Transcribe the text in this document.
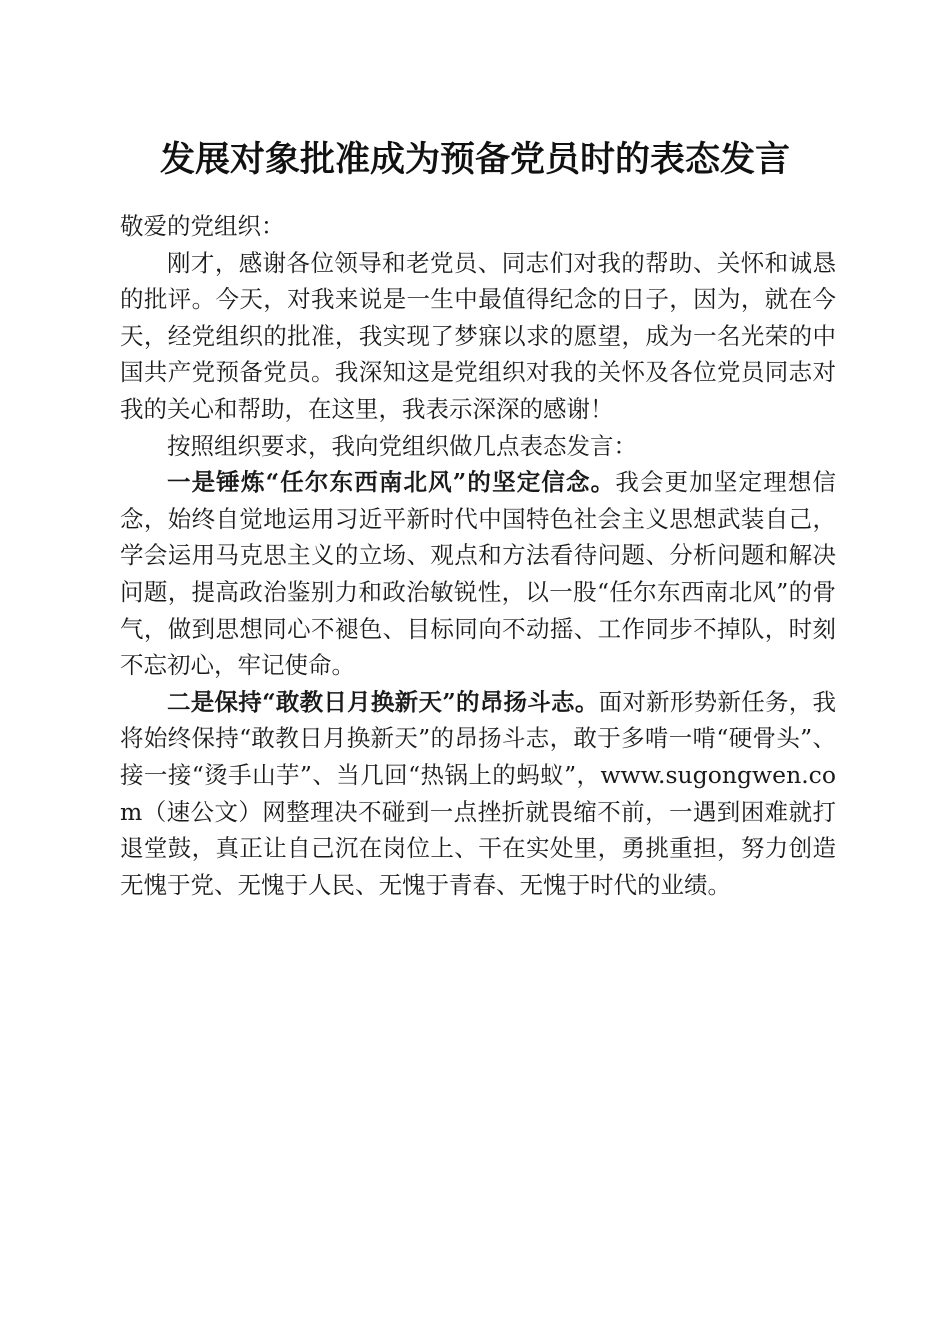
发展对象批准成为预备党员时的表态发言

敬爱的党组织：

刚才，感谢各位领导和老党员、同志们对我的帮助、关怀和诚恳的批评。今天，对我来说是一生中最值得纪念的日子，因为，就在今天，经党组织的批准，我实现了梦寐以求的愿望，成为一名光荣的中国共产党预备党员。我深知这是党组织对我的关怀及各位党员同志对我的关心和帮助，在这里，我表示深深的感谢！

按照组织要求，我向党组织做几点表态发言：

一是锤炼“任尔东西南北风”的坚定信念。我会更加坚定理想信念，始终自觉地运用习近平新时代中国特色社会主义思想武装自己，学会运用马克思主义的立场、观点和方法看待问题、分析问题和解决问题，提高政治鉴别力和政治敏锐性，以一股“任尔东西南北风”的骨气，做到思想同心不褪色、目标同向不动摇、工作同步不掉队，时刻不忘初心，牢记使命。

二是保持“敢教日月换新天”的昂扬斗志。面对新形势新任务，我将始终保持“敢教日月换新天”的昂扬斗志，敢于多啃一啃“硬骨头”、接一接“烫手山芋”、当几回“热锅上的蚂蚁”，www.sugongwen.com（速公文）网整理决不碰到一点挫折就畏缩不前，一遇到困难就打退堂鼓，真正让自己沉在岗位上、干在实处里，勇挑重担，努力创造无愧于党、无愧于人民、无愧于青春、无愧于时代的业绩。
